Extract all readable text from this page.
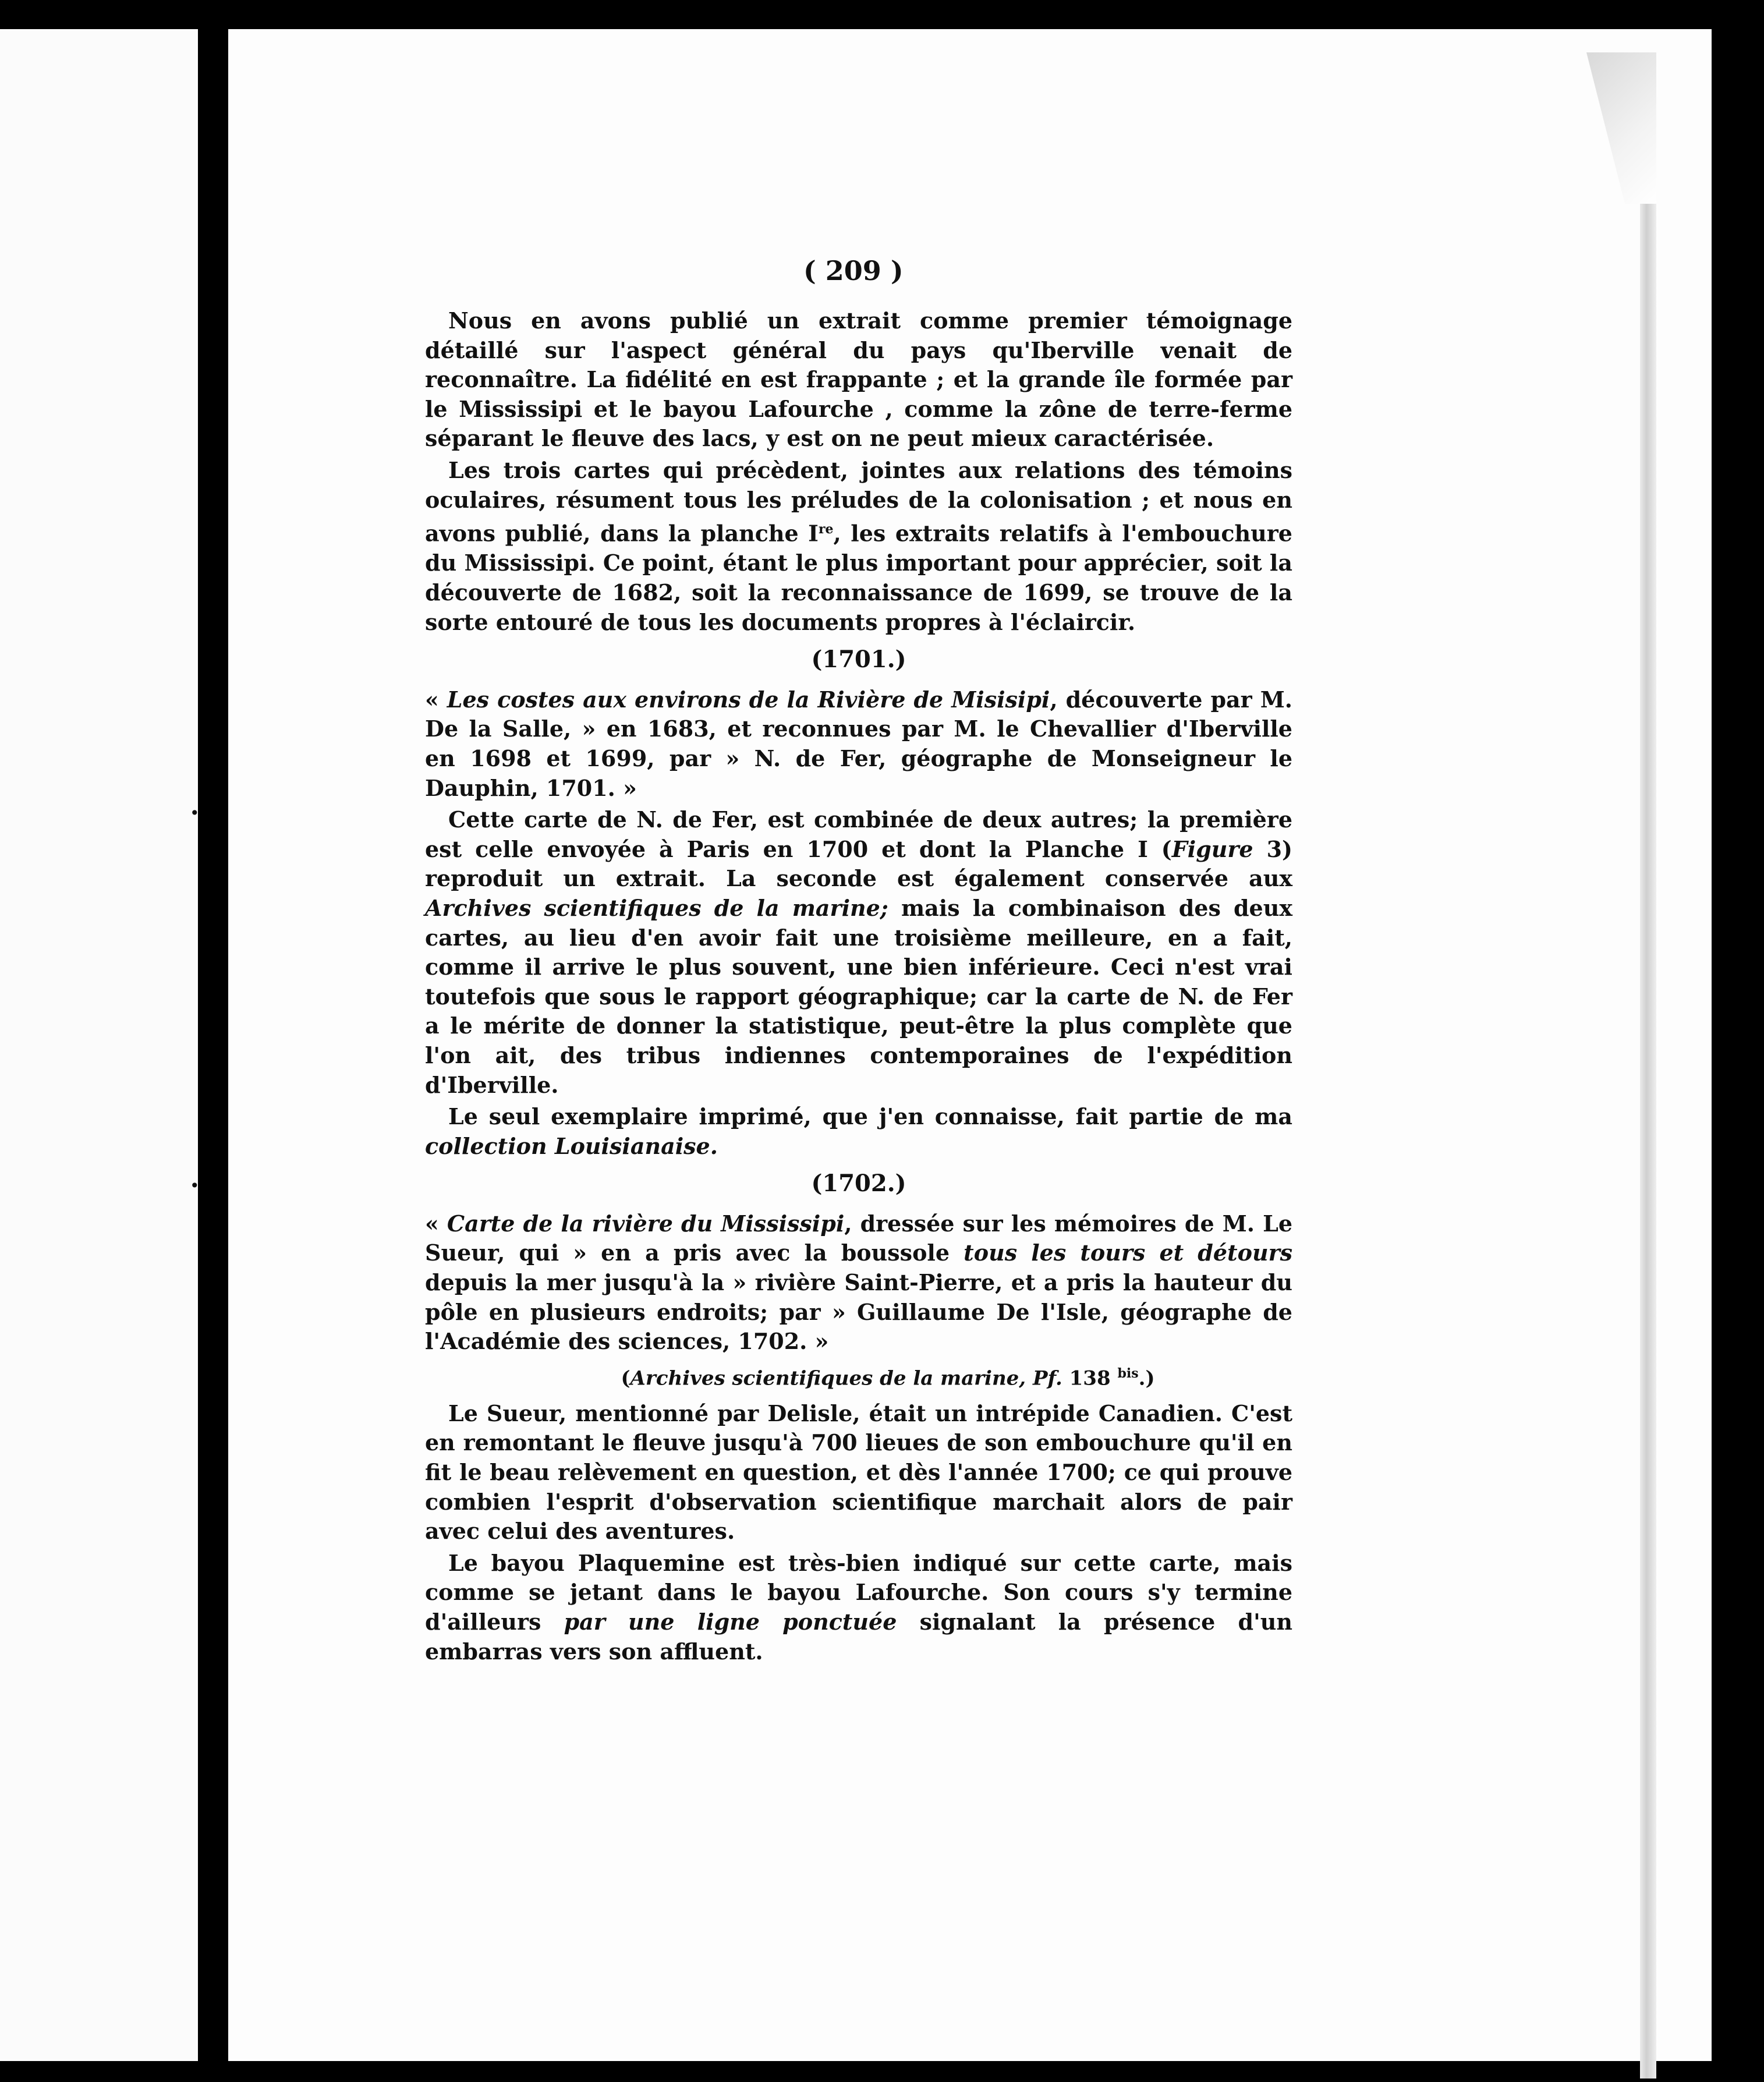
•
•
( 209 )

Nous en avons publié un extrait comme premier témoignage détaillé sur l'aspect général du pays qu'Iberville venait de reconnaître. La fidélité en est frappante ; et la grande île formée par le Mississipi et le bayou Lafourche , comme la zône de terre-ferme séparant le fleuve des lacs, y est on ne peut mieux caractérisée.

Les trois cartes qui précèdent, jointes aux relations des témoins oculaires, résument tous les préludes de la colonisation ; et nous en avons publié, dans la planche Ire, les extraits relatifs à l'embouchure du Mississipi. Ce point, étant le plus important pour apprécier, soit la découverte de 1682, soit la reconnaissance de 1699, se trouve de la sorte entouré de tous les documents propres à l'éclaircir.

(1701.)

« Les costes aux environs de la Rivière de Misisipi, découverte par M. De la Salle, » en 1683, et reconnues par M. le Chevallier d'Iberville en 1698 et 1699, par » N. de Fer, géographe de Monseigneur le Dauphin, 1701. »

Cette carte de N. de Fer, est combinée de deux autres; la première est celle envoyée à Paris en 1700 et dont la Planche I (Figure 3) reproduit un extrait. La seconde est également conservée aux Archives scientifiques de la marine; mais la combinaison des deux cartes, au lieu d'en avoir fait une troisième meilleure, en a fait, comme il arrive le plus souvent, une bien inférieure. Ceci n'est vrai toutefois que sous le rapport géographique; car la carte de N. de Fer a le mérite de donner la statistique, peut-être la plus complète que l'on ait, des tribus indiennes contemporaines de l'expédition d'Iberville.

Le seul exemplaire imprimé, que j'en connaisse, fait partie de ma collection Louisianaise.

(1702.)

« Carte de la rivière du Mississipi, dressée sur les mémoires de M. Le Sueur, qui » en a pris avec la boussole tous les tours et détours depuis la mer jusqu'à la » rivière Saint-Pierre, et a pris la hauteur du pôle en plusieurs endroits; par » Guillaume De l'Isle, géographe de l'Académie des sciences, 1702. »

(Archives scientifiques de la marine, Pf. 138 $^{bis}$.)

Le Sueur, mentionné par Delisle, était un intrépide Canadien. C'est en remontant le fleuve jusqu'à 700 lieues de son embouchure qu'il en fit le beau relèvement en question, et dès l'année 1700; ce qui prouve combien l'esprit d'observation scientifique marchait alors de pair avec celui des aventures.

Le bayou Plaquemine est très-bien indiqué sur cette carte, mais comme se jetant dans le bayou Lafourche. Son cours s'y termine d'ailleurs par une ligne ponctuée signalant la présence d'un embarras vers son affluent.
